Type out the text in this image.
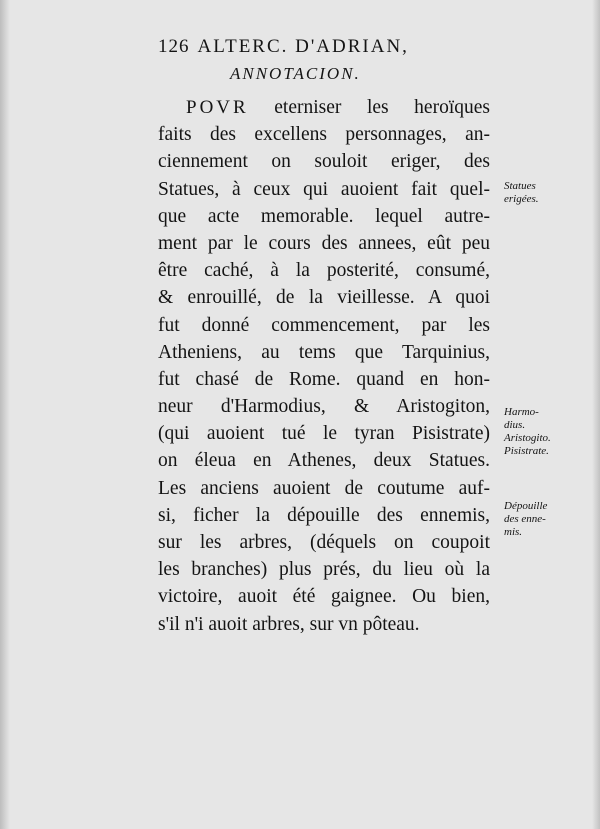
126 ALTERC. D'ADRIAN,
ANNOTACION.
POVR eterniser les heroïques
faits des excellens personnages, an-
ciennement on souloit eriger, des
Statues, à ceux qui auoient fait quel-
que acte memorable. lequel autre-
ment par le cours des annees, eût peu
être caché, à la posterité, consumé,
& enrouillé, de la vieillesse. A quoi
fut donné commencement, par les
Atheniens, au tems que Tarquinius,
fut chasé de Rome. quand en hon-
neur d'Harmodius, & Aristogiton,
(qui auoient tué le tyran Pisistrate)
on éleua en Athenes, deux Statues.
Les anciens auoient de coutume auf-
si, ficher la dépouille des ennemis,
sur les arbres, (déquels on coupoit
les branches) plus prés, du lieu où la
victoire, auoit été gaignee. Ou bien,
s'il n'i auoit arbres, sur vn pôteau.
Statues
erigées.
Harmo-
dius.
Aristogito.
Pisistrate.
Dépouille
des enne-
mis.
